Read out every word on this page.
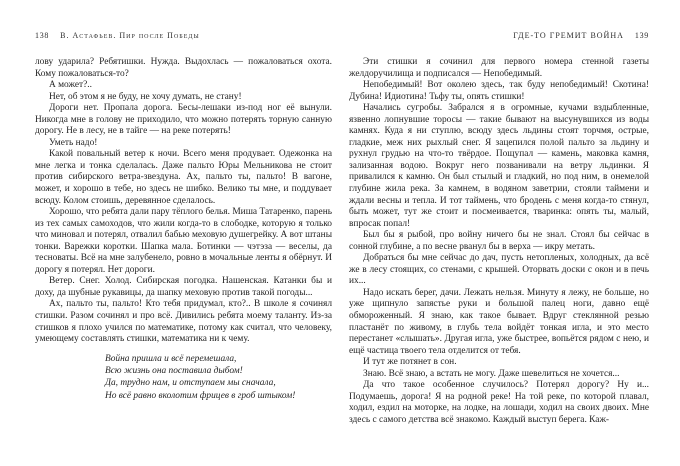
138 В. Астафьев. Пир после Победы

лову ударила? Ребятишки. Нужда. Выдохлась — пожаловаться охота. Кому пожаловаться-то?

А может?..

Нет, об этом я не буду, не хочу думать, не стану!

Дороги нет. Пропала дорога. Бесы-лешаки из-под ног её вынули. Никогда мне в голову не приходило, что можно потерять торную санную дорогу. Не в лесу, не в тайге — на реке потерять!

Уметь надо!

Какой повальный ветер к ночи. Всего меня продувает. Одежонка на мне легка и тонка сделалась. Даже пальто Юры Мельникова не стоит против сибирского ветра-звездуна. Ах, пальто ты, пальто! В вагоне, может, и хорошо в тебе, но здесь не шибко. Велико ты мне, и поддувает всюду. Колом стоишь, деревянное сделалось.

Хорошо, что ребята дали пару тёплого белья. Миша Татаренко, парень из тех самых самоходов, что жили когда-то в слободке, которую я только что миновал и потерял, отвалил бабью меховую душегрейку. А вот штаны тонки. Варежки коротки. Шапка мала. Ботинки — чэтэза — веселы, да тесноваты. Всё на мне залубенело, ровно в мочальные ленты я обёрнут. И дорогу я потерял. Нет дороги.

Ветер. Снег. Холод. Сибирская погодка. Нашенская. Катанки бы и доху, да шубные рукавицы, да шапку меховую против такой погоды...

Ах, пальто ты, пальто! Кто тебя придумал, кто?.. В школе я сочинял стишки. Разом сочинял и про всё. Дивились ребята моему таланту. Из-за стишков я плохо учился по математике, потому как считал, что человеку, умеющему составлять стишки, математика ни к чему.

Война пришла и всё перемешала,

Всю жизнь она поставила дыбом!

Да, трудно нам, и отступаем мы сначала,

Но всё равно вколотим фрицев в гроб штыком!

ГДЕ-ТО ГРЕМИТ ВОЙНА 139

Эти стишки я сочинил для первого номера стенной газеты желдоручилища и подписался — Непобедимый.

Непобедимый! Вот околею здесь, так буду непобедимый! Скотина! Дубина! Идиотина! Тьфу ты, опять стишки!

Начались сугробы. Забрался я в огромные, кучами вздыбленные, язвенно лопнувшие торосы — такие бывают на высунувшихся из воды камнях. Куда я ни ступлю, всюду здесь льдины стоят торчмя, острые, гладкие, меж них рыхлый снег. Я зацепился полой пальто за льдину и рухнул грудью на что-то твёрдое. Пощупал — камень, маковка камня, зализанная водою. Вокруг него позванивали на ветру льдинки. Я привалился к камню. Он был стылый и гладкий, но под ним, в онемелой глубине жила река. За камнем, в водяном заветрии, стояли таймени и ждали весны и тепла. И тот таймень, что бродень с меня когда-то стянул, быть может, тут же стоит и посмеивается, тваринка: опять ты, малый, впросак попал!

Был бы я рыбой, про войну ничего бы не знал. Стоял бы сейчас в сонной глубине, а по весне рванул бы в верха — икру метать.

Добраться бы мне сейчас до дач, пусть нетопленых, холодных, да всё же в лесу стоящих, со стенами, с крышей. Оторвать доски с окон и в печь их...

Надо искать берег, дачи. Лежать нельзя. Минуту я лежу, не больше, но уже щипнуло запястье руки и большой палец ноги, давно ещё обмороженный. Я знаю, как такое бывает. Вдруг стеклянной резью пластанёт по живому, в глубь тела войдёт тонкая игла, и это место перестанет «слышать». Другая игла, уже быстрее, вопьётся рядом с нею, и ещё частица твоего тела отделится от тебя.

И тут же потянет в сон.

Знаю. Всё знаю, а встать не могу. Даже шевелиться не хочется...

Да что такое особенное случилось? Потерял дорогу? Ну и... Подумаешь, дорога! Я на родной реке! На той реке, по которой плавал, ходил, ездил на моторке, на лодке, на лошади, ходил на своих двоих. Мне здесь с самого детства всё знакомо. Каждый выступ берега. Каж-
